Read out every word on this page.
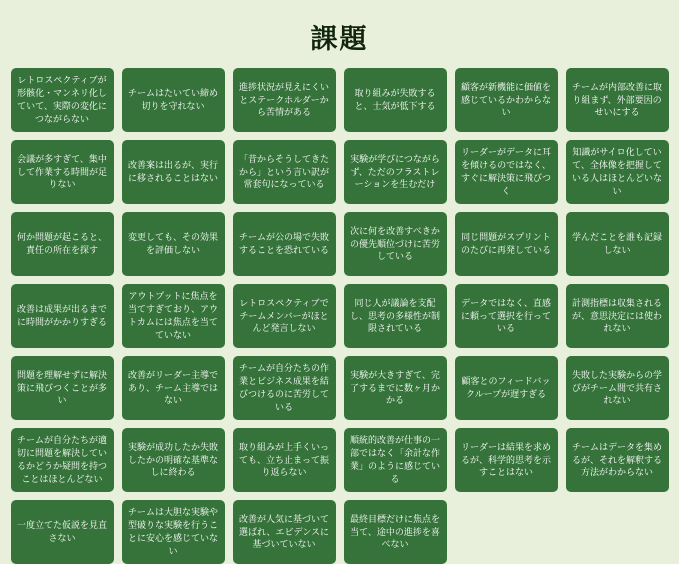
課題
レトロスペクティブが形骸化・マンネリ化していて、実際の変化につながらない
チームはたいてい締め切りを守れない
進捗状況が見えにくいとステークホルダーから苦情がある
取り組みが失敗すると、士気が低下する
顧客が新機能に価値を感じているかわからない
チームが内部改善に取り組まず、外部要因のせいにする
会議が多すぎて、集中して作業する時間が足りない
改善案は出るが、実行に移されることはない
「昔からそうしてきたから」という言い訳が常套句になっている
実験が学びにつながらず、ただのフラストレーションを生むだけ
リーダーがデータに耳を傾けるのではなく、すぐに解決策に飛びつく
知識がサイロ化していて、全体像を把握している人はほとんどいない
何か問題が起こると、責任の所在を探す
変更しても、その効果を評価しない
チームが公の場で失敗することを恐れている
次に何を改善すべきかの優先順位づけに苦労している
同じ問題がスプリントのたびに再発している
学んだことを誰も記録しない
改善は成果が出るまでに時間がかかりすぎる
アウトプットに焦点を当てすぎており、アウトカムには焦点を当てていない
レトロスペクティブでチームメンバーがほとんど発言しない
同じ人が議論を支配し、思考の多様性が制限されている
データではなく、直感に頼って選択を行っている
計測指標は収集されるが、意思決定には使われない
問題を理解せずに解決策に飛びつくことが多い
改善がリーダー主導であり、チーム主導ではない
チームが自分たちの作業とビジネス成果を結びつけるのに苦労している
実験が大きすぎて、完了するまでに数ヶ月かかる
顧客とのフィードバックループが遅すぎる
失敗した実験からの学びがチーム間で共有されない
チームが自分たちが適切に問題を解決しているかどうか疑問を持つことはほとんどない
実験が成功したか失敗したかの明確な基準なしに終わる
取り組みが上手くいっても、立ち止まって振り返らない
順統的改善が仕事の一部ではなく「余計な作業」のように感じている
リーダーは結果を求めるが、科学的思考を示すことはない
チームはデータを集めるが、それを解釈する方法がわからない
一度立てた仮説を見直さない
チームは大胆な実験や型破りな実験を行うことに安心を感じていない
改善が人気に基づいて選ばれ、エビデンスに基づいていない
最終目標だけに焦点を当て、途中の進捗を喜べない
